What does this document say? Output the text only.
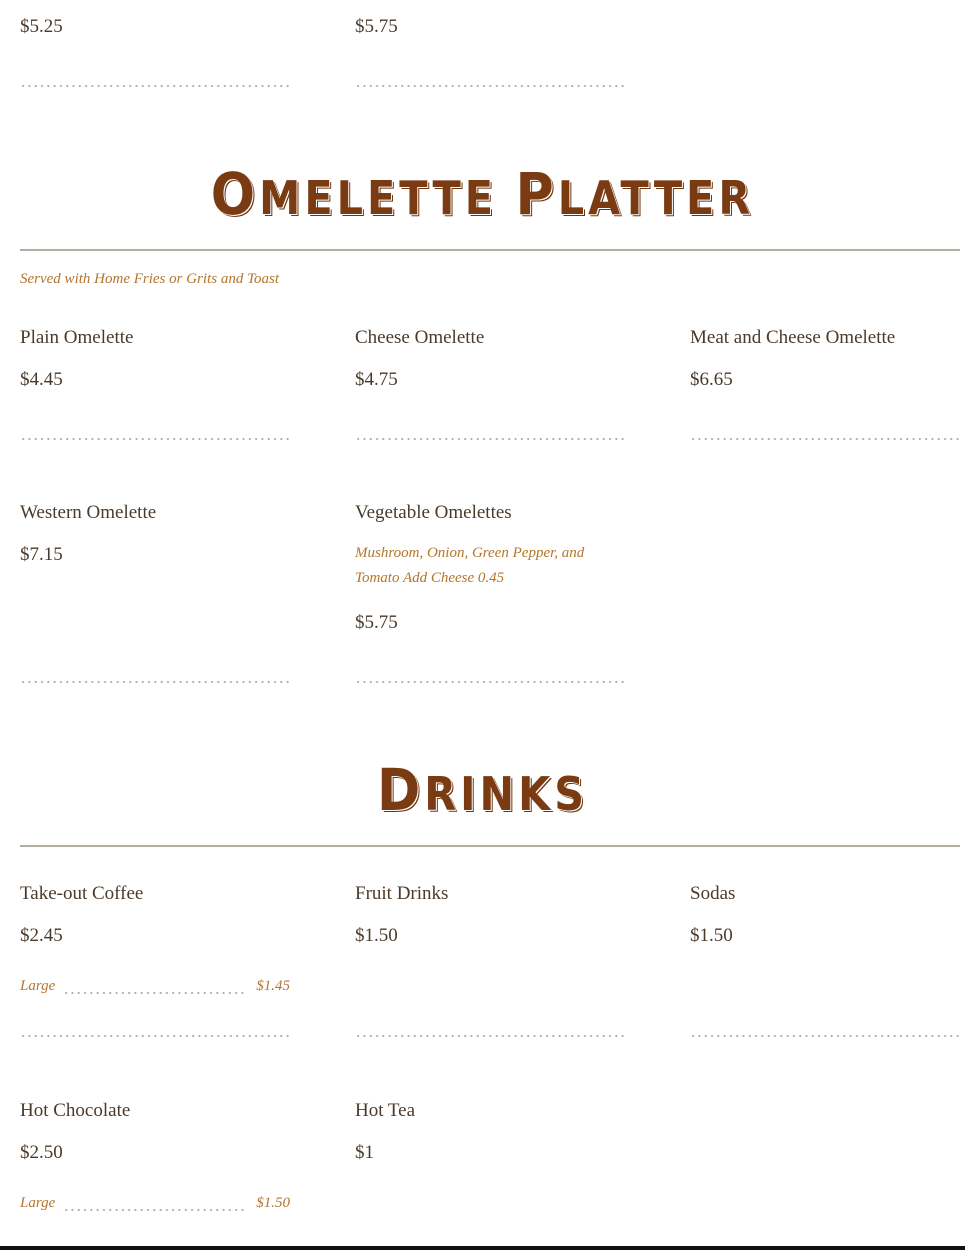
$5.25	$5.75
OMELETTE PLATTER
Served with Home Fries or Grits and Toast
Plain Omelette
$4.45
Cheese Omelette
$4.75
Meat and Cheese Omelette
$6.65
Western Omelette
$7.15
Vegetable Omelettes
Mushroom, Onion, Green Pepper, and Tomato Add Cheese 0.45
$5.75
DRINKS
Take-out Coffee
$2.45
Large	$1.45
Fruit Drinks
$1.50
Sodas
$1.50
Hot Chocolate
$2.50
Large	$1.50
Hot Tea
$1
